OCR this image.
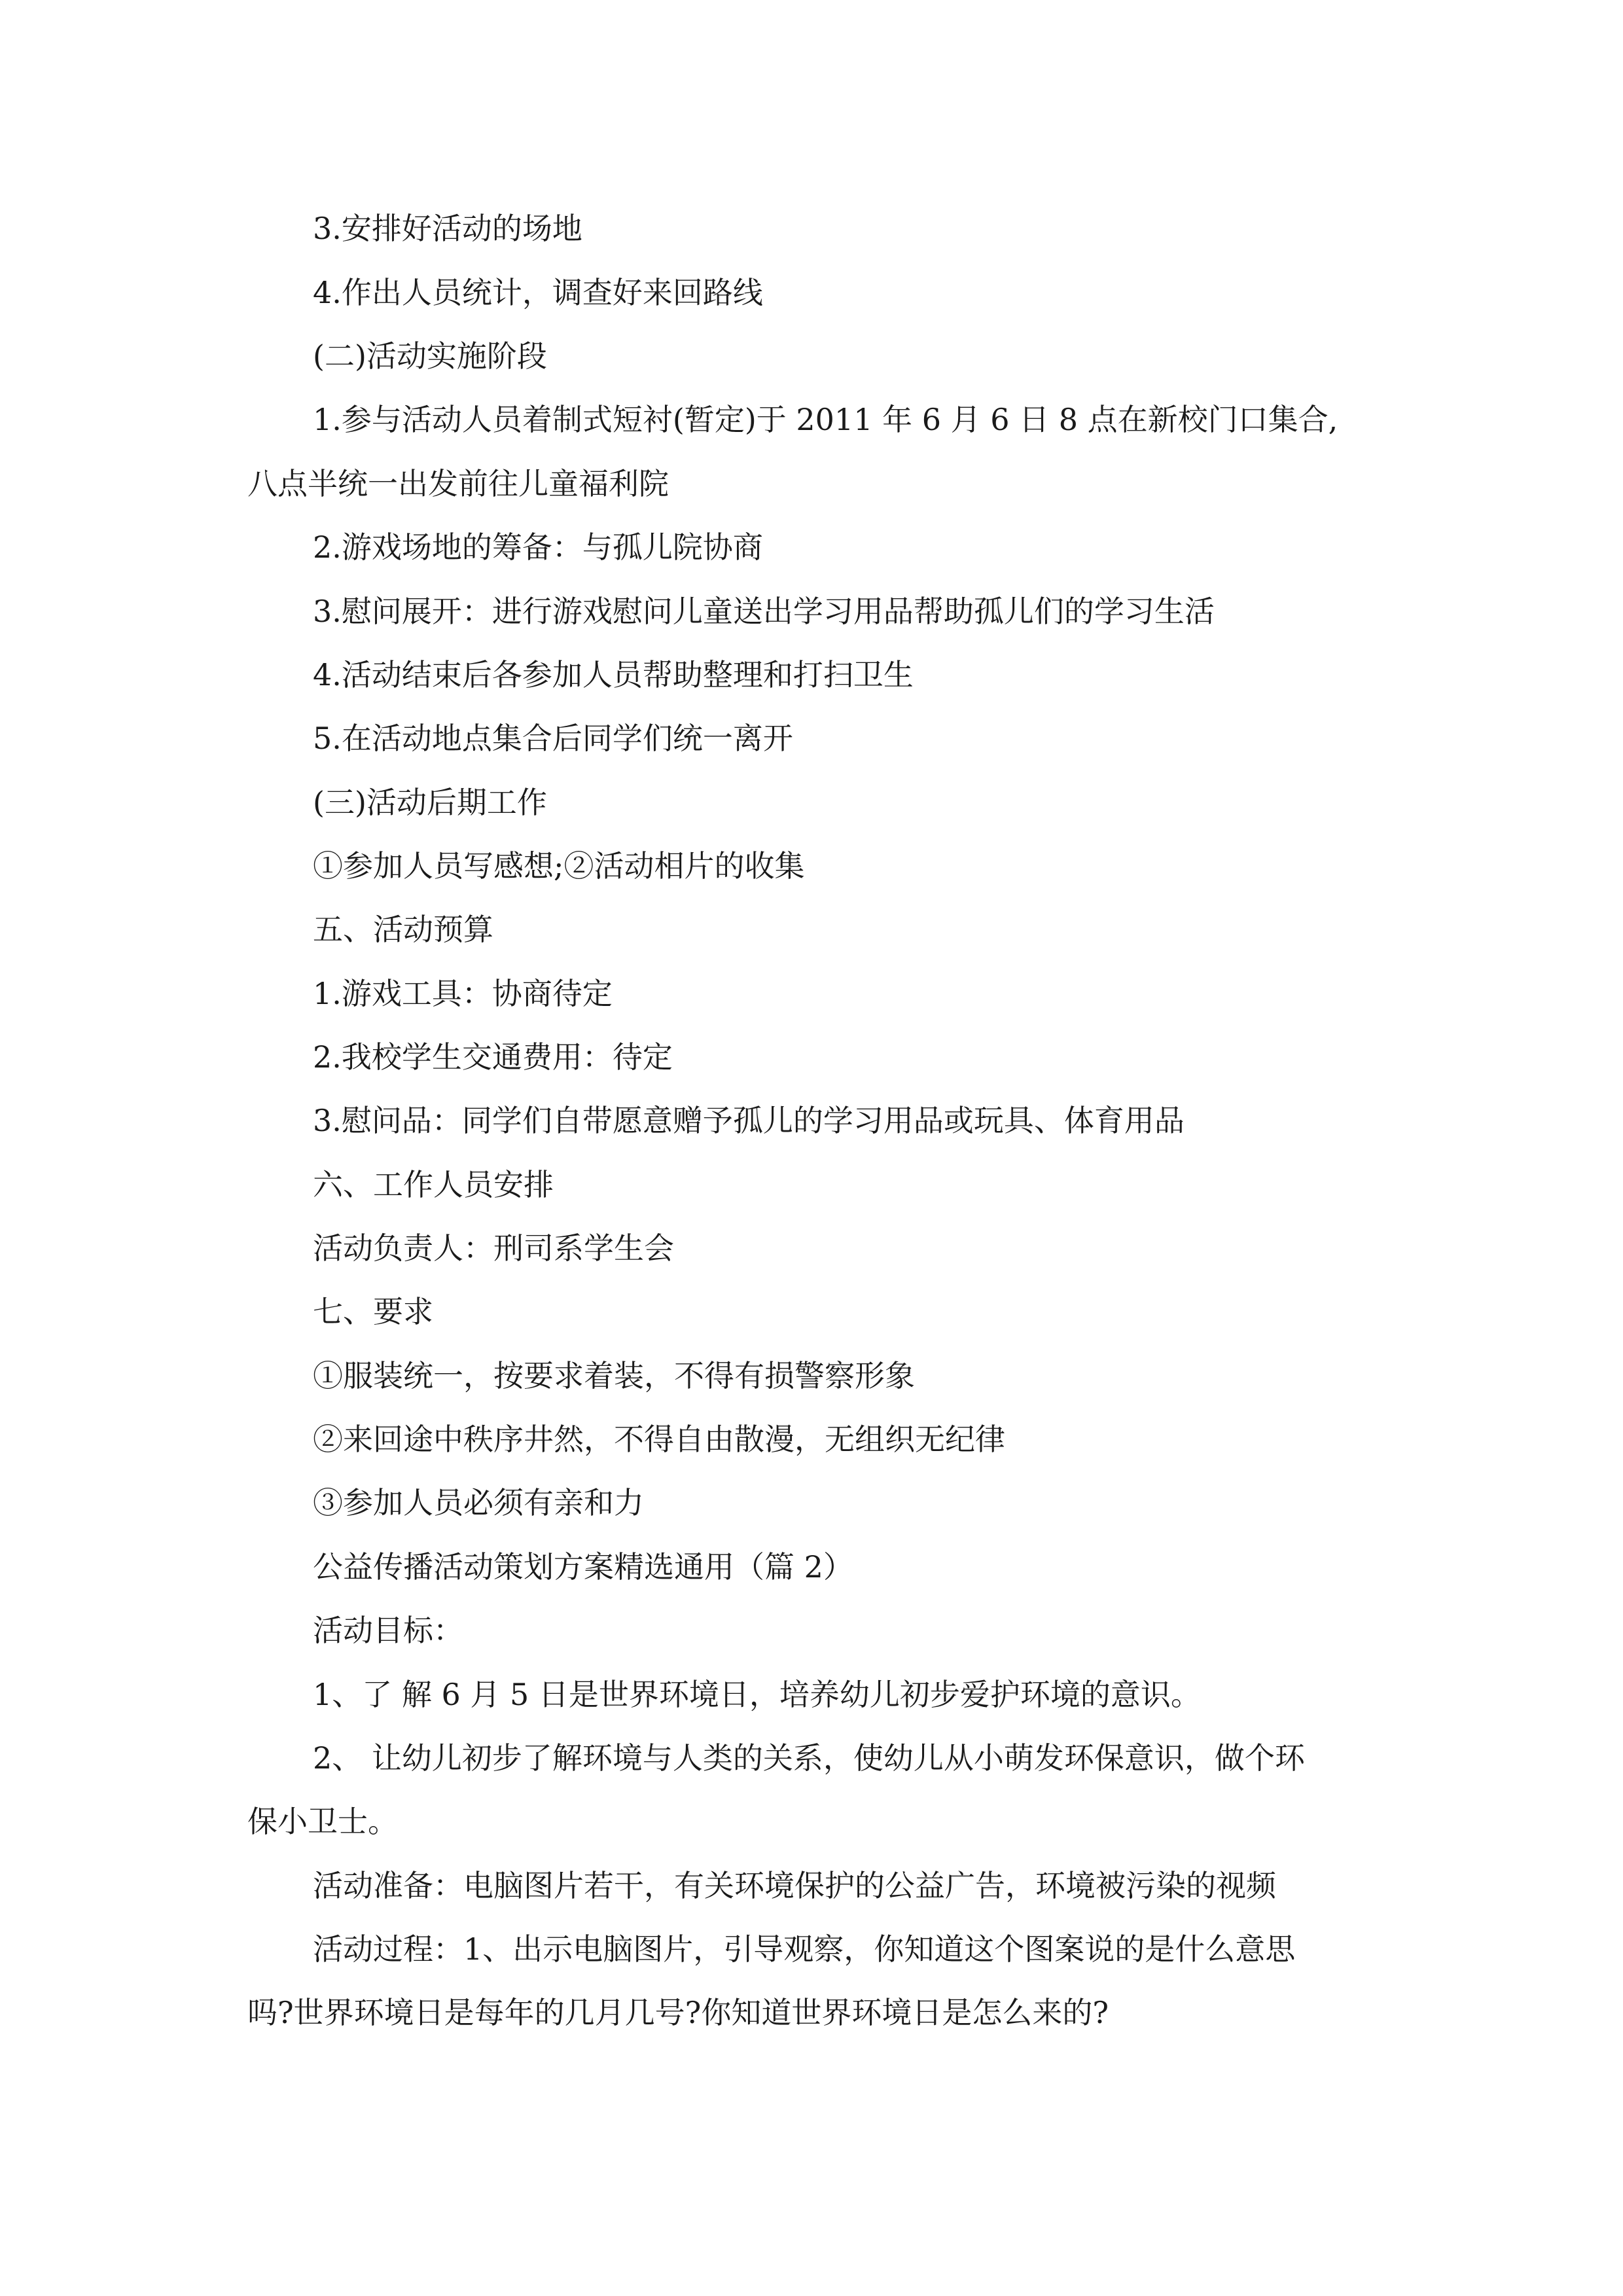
3.安排好活动的场地
4.作出人员统计，调查好来回路线
(二)活动实施阶段
1.参与活动人员着制式短衬(暂定)于 2011 年 6 月 6 日 8 点在新校门口集合,
八点半统一出发前往儿童福利院
2.游戏场地的筹备：与孤儿院协商
3.慰问展开：进行游戏慰问儿童送出学习用品帮助孤儿们的学习生活
4.活动结束后各参加人员帮助整理和打扫卫生
5.在活动地点集合后同学们统一离开
(三)活动后期工作
①参加人员写感想;②活动相片的收集
五、活动预算
1.游戏工具：协商待定
2.我校学生交通费用：待定
3.慰问品：同学们自带愿意赠予孤儿的学习用品或玩具、体育用品
六、工作人员安排
活动负责人：刑司系学生会
七、要求
①服装统一，按要求着装，不得有损警察形象
②来回途中秩序井然，不得自由散漫，无组织无纪律
③参加人员必须有亲和力
公益传播活动策划方案精选通用（篇 2）
活动目标：
1、了 解 6 月 5 日是世界环境日，培养幼儿初步爱护环境的意识。
2、 让幼儿初步了解环境与人类的关系，使幼儿从小萌发环保意识，做个环
保小卫士。
活动准备：电脑图片若干，有关环境保护的公益广告，环境被污染的视频
活动过程：1、出示电脑图片，引导观察，你知道这个图案说的是什么意思
吗?世界环境日是每年的几月几号?你知道世界环境日是怎么来的?
